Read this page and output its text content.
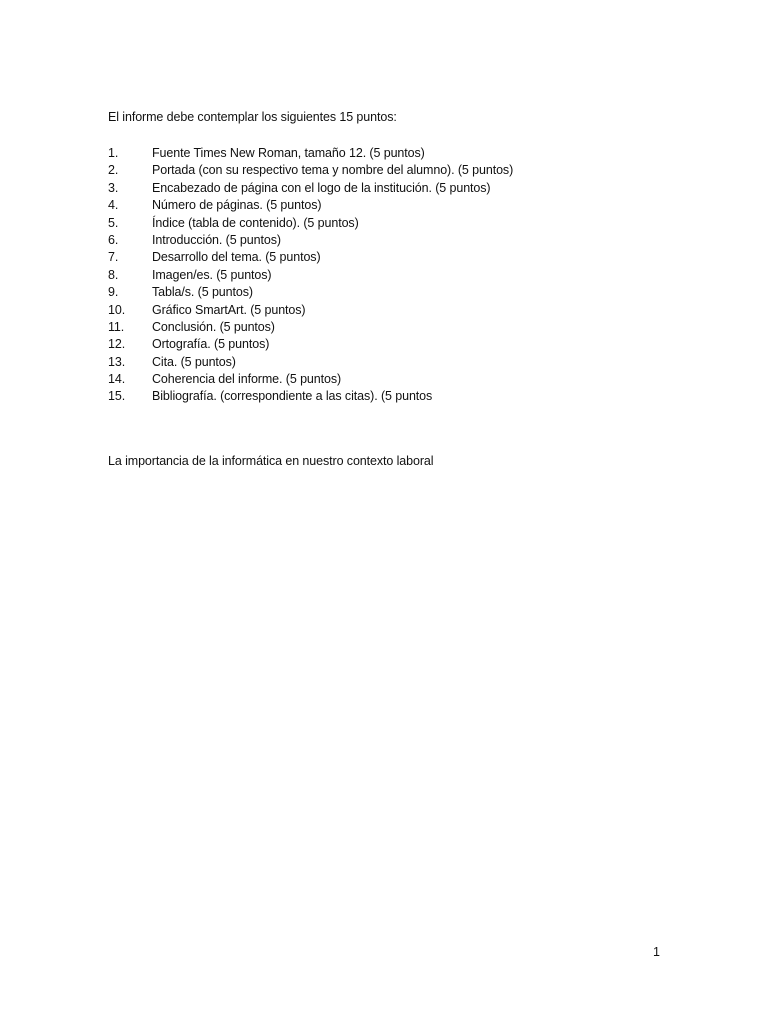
El informe debe contemplar los siguientes 15 puntos:
1.	Fuente Times New Roman, tamaño 12. (5 puntos)
2.	Portada (con su respectivo tema y nombre del alumno). (5 puntos)
3.	Encabezado de página con el logo de la institución. (5 puntos)
4.	Número de páginas. (5 puntos)
5.	Índice (tabla de contenido). (5 puntos)
6.	Introducción. (5 puntos)
7.	Desarrollo del tema. (5 puntos)
8.	Imagen/es. (5 puntos)
9.	Tabla/s. (5 puntos)
10.	Gráfico SmartArt. (5 puntos)
11.	Conclusión. (5 puntos)
12.	Ortografía. (5 puntos)
13.	Cita. (5 puntos)
14.	Coherencia del informe. (5 puntos)
15.	Bibliografía. (correspondiente a las citas). (5 puntos
La importancia de la informática en nuestro contexto laboral
1
